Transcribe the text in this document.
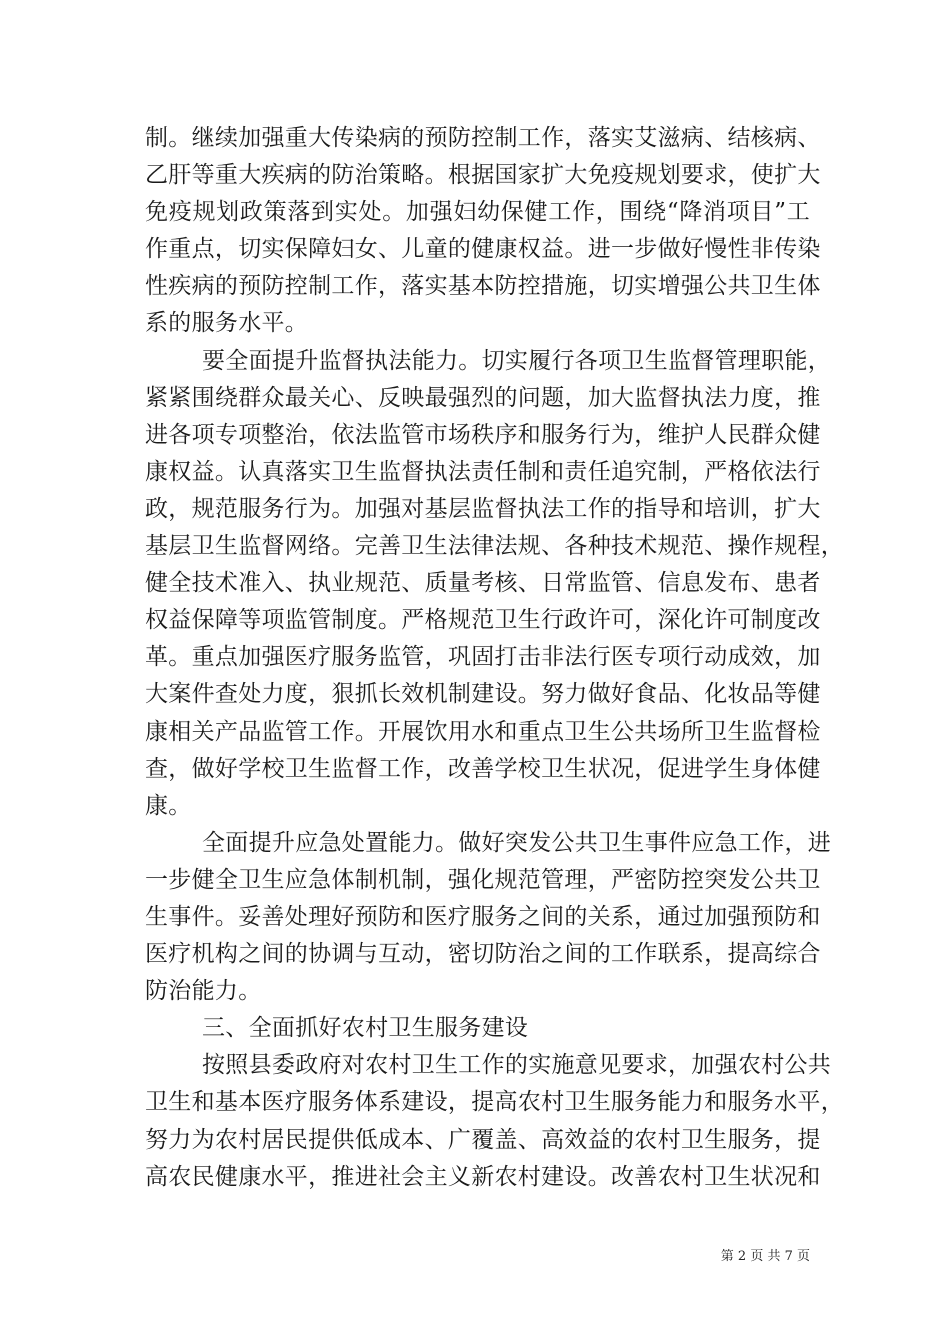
制。继续加强重大传染病的预防控制工作，落实艾滋病、结核病、
乙肝等重大疾病的防治策略。根据国家扩大免疫规划要求，使扩大
免疫规划政策落到实处。加强妇幼保健工作，围绕“降消项目”工
作重点，切实保障妇女、儿童的健康权益。进一步做好慢性非传染
性疾病的预防控制工作，落实基本防控措施，切实增强公共卫生体
系的服务水平。
要全面提升监督执法能力。切实履行各项卫生监督管理职能，
紧紧围绕群众最关心、反映最强烈的问题，加大监督执法力度，推
进各项专项整治，依法监管市场秩序和服务行为，维护人民群众健
康权益。认真落实卫生监督执法责任制和责任追究制，严格依法行
政，规范服务行为。加强对基层监督执法工作的指导和培训，扩大
基层卫生监督网络。完善卫生法律法规、各种技术规范、操作规程，
健全技术准入、执业规范、质量考核、日常监管、信息发布、患者
权益保障等项监管制度。严格规范卫生行政许可，深化许可制度改
革。重点加强医疗服务监管，巩固打击非法行医专项行动成效，加
大案件查处力度，狠抓长效机制建设。努力做好食品、化妆品等健
康相关产品监管工作。开展饮用水和重点卫生公共场所卫生监督检
查，做好学校卫生监督工作，改善学校卫生状况，促进学生身体健
康。
全面提升应急处置能力。做好突发公共卫生事件应急工作，进
一步健全卫生应急体制机制，强化规范管理，严密防控突发公共卫
生事件。妥善处理好预防和医疗服务之间的关系，通过加强预防和
医疗机构之间的协调与互动，密切防治之间的工作联系，提高综合
防治能力。
三、全面抓好农村卫生服务建设
按照县委政府对农村卫生工作的实施意见要求，加强农村公共
卫生和基本医疗服务体系建设，提高农村卫生服务能力和服务水平，
努力为农村居民提供低成本、广覆盖、高效益的农村卫生服务，提
高农民健康水平，推进社会主义新农村建设。改善农村卫生状况和
第 2 页 共 7 页
